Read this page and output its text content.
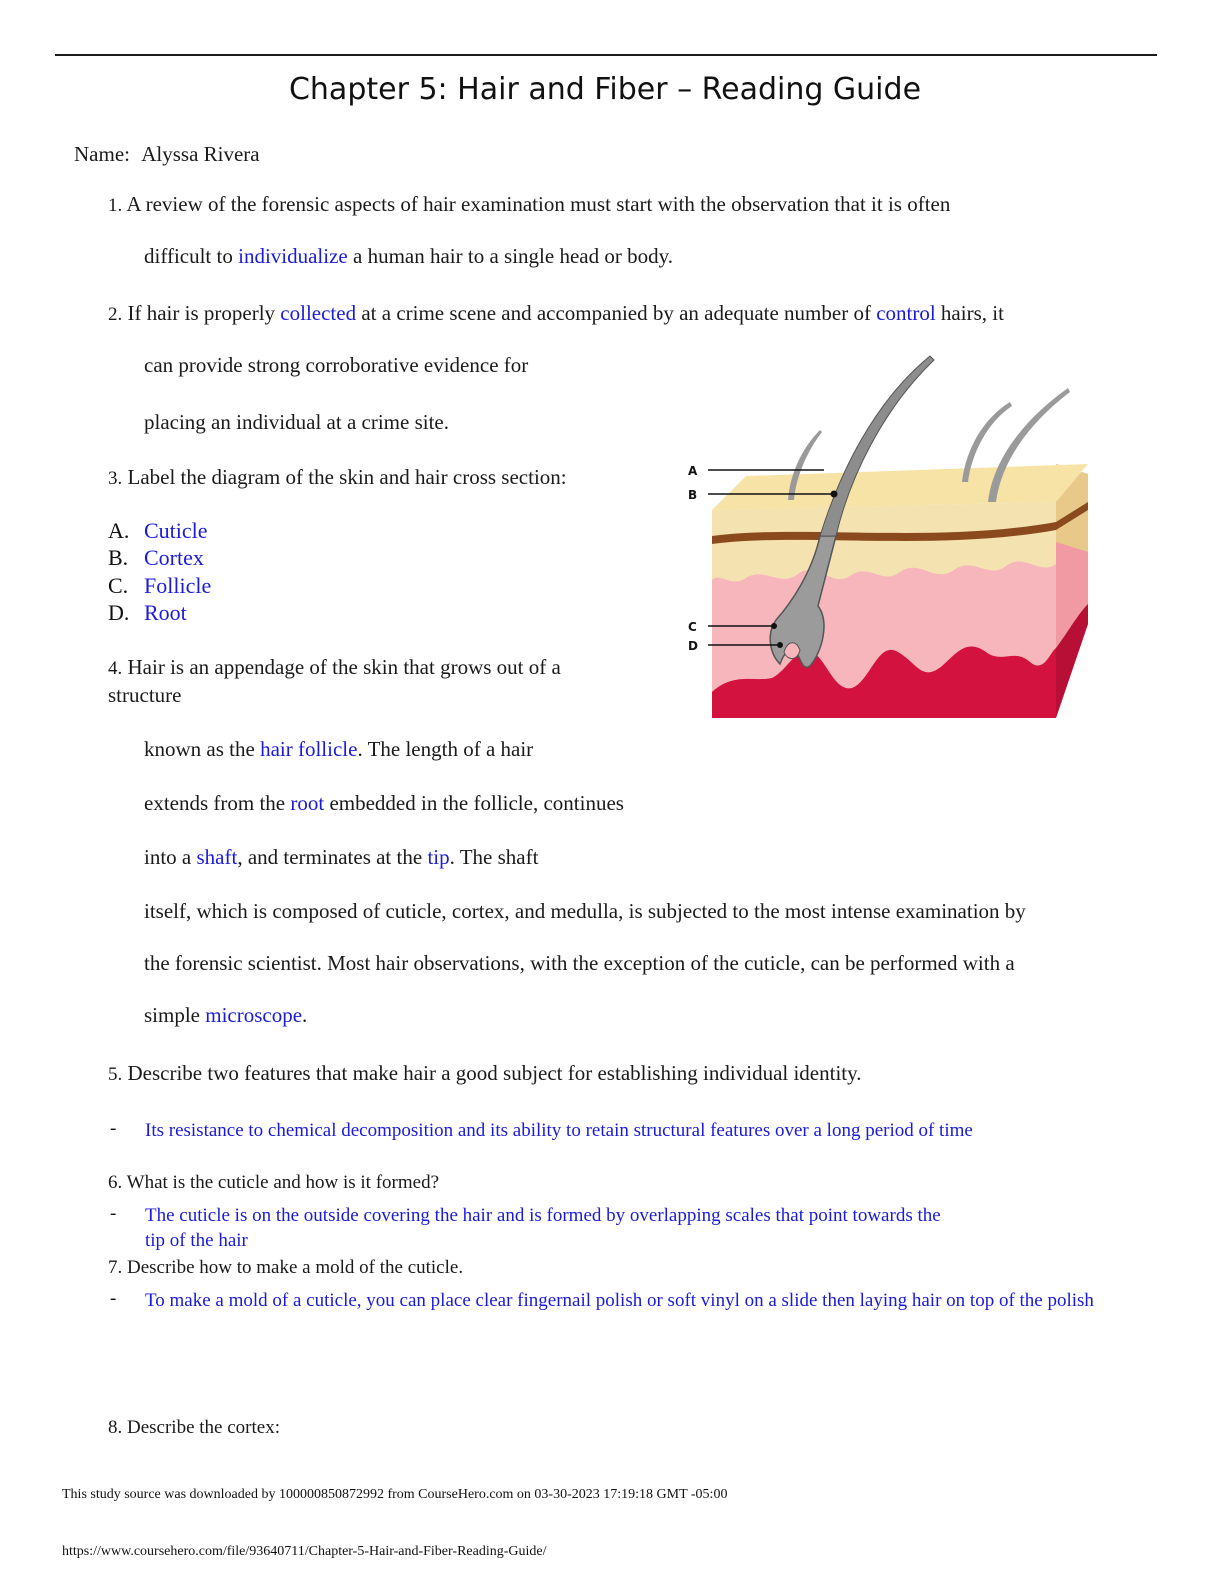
Chapter 5: Hair and Fiber – Reading Guide
Name: Alyssa Rivera
1. A review of the forensic aspects of hair examination must start with the observation that it is often
difficult to individualize a human hair to a single head or body.
2. If hair is properly collected at a crime scene and accompanied by an adequate number of control hairs, it
can provide strong corroborative evidence for
placing an individual at a crime site.
3. Label the diagram of the skin and hair cross section:
A. Cuticle
B. Cortex
C. Follicle
D. Root
A
B
C
D
4. Hair is an appendage of the skin that grows out of a
structure
known as the hair follicle. The length of a hair
extends from the root embedded in the follicle, continues
into a shaft, and terminates at the tip. The shaft
itself, which is composed of cuticle, cortex, and medulla, is subjected to the most intense examination by
the forensic scientist. Most hair observations, with the exception of the cuticle, can be performed with a
simple microscope.
5. Describe two features that make hair a good subject for establishing individual identity.
- Its resistance to chemical decomposition and its ability to retain structural features over a long period of time
6. What is the cuticle and how is it formed?
- The cuticle is on the outside covering the hair and is formed by overlapping scales that point towards the tip of the hair
7. Describe how to make a mold of the cuticle.
- To make a mold of a cuticle, you can place clear fingernail polish or soft vinyl on a slide then laying hair on top of the polish
8. Describe the cortex:
This study source was downloaded by 100000850872992 from CourseHero.com on 03-30-2023 17:19:18 GMT -05:00
https://www.coursehero.com/file/93640711/Chapter-5-Hair-and-Fiber-Reading-Guide/
